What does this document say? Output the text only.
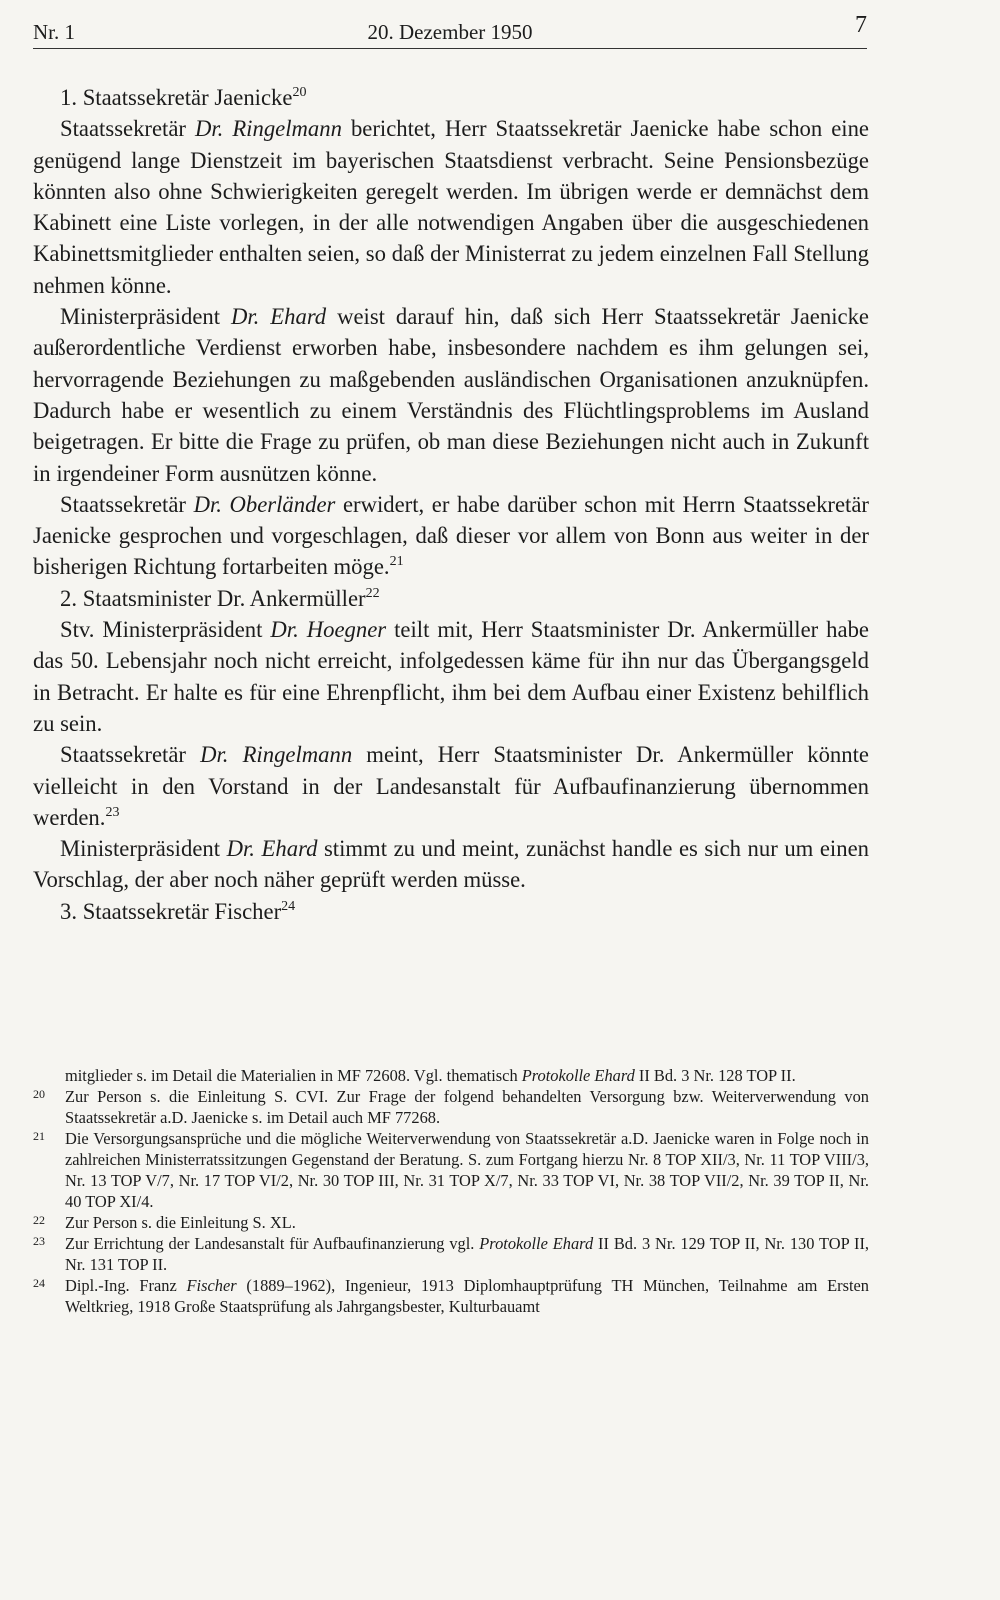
Nr. 1	20. Dezember 1950	7

1. Staatssekretär Jaenicke$^{20}$

Staatssekretär Dr. Ringelmann berichtet, Herr Staatssekretär Jaenicke habe schon eine genügend lange Dienstzeit im bayerischen Staatsdienst verbracht. Seine Pensionsbezüge könnten also ohne Schwierigkeiten geregelt werden. Im übrigen werde er demnächst dem Kabinett eine Liste vorlegen, in der alle notwendigen Angaben über die ausgeschiedenen Kabinettsmitglieder enthalten seien, so daß der Ministerrat zu jedem einzelnen Fall Stellung nehmen könne.

Ministerpräsident Dr. Ehard weist darauf hin, daß sich Herr Staatssekretär Jaenicke außerordentliche Verdienst erworben habe, insbesondere nachdem es ihm gelungen sei, hervorragende Beziehungen zu maßgebenden ausländischen Organisationen anzuknüpfen. Dadurch habe er wesentlich zu einem Verständnis des Flüchtlingsproblems im Ausland beigetragen. Er bitte die Frage zu prüfen, ob man diese Beziehungen nicht auch in Zukunft in irgendeiner Form ausnützen könne.

Staatssekretär Dr. Oberländer erwidert, er habe darüber schon mit Herrn Staatssekretär Jaenicke gesprochen und vorgeschlagen, daß dieser vor allem von Bonn aus weiter in der bisherigen Richtung fortarbeiten möge.$^{21}$

2. Staatsminister Dr. Ankermüller$^{22}$

Stv. Ministerpräsident Dr. Hoegner teilt mit, Herr Staatsminister Dr. Ankermüller habe das 50. Lebensjahr noch nicht erreicht, infolgedessen käme für ihn nur das Übergangsgeld in Betracht. Er halte es für eine Ehrenpflicht, ihm bei dem Aufbau einer Existenz behilflich zu sein.

Staatssekretär Dr. Ringelmann meint, Herr Staatsminister Dr. Ankermüller könnte vielleicht in den Vorstand in der Landesanstalt für Aufbaufinanzierung übernommen werden.$^{23}$

Ministerpräsident Dr. Ehard stimmt zu und meint, zunächst handle es sich nur um einen Vorschlag, der aber noch näher geprüft werden müsse.

3. Staatssekretär Fischer$^{24}$

mitglieder s. im Detail die Materialien in MF 72608. Vgl. thematisch Protokolle Ehard II Bd. 3 Nr. 128 TOP II.

20 Zur Person s. die Einleitung S. CVI. Zur Frage der folgend behandelten Versorgung bzw. Weiterverwendung von Staatssekretär a.D. Jaenicke s. im Detail auch MF 77268.

21 Die Versorgungsansprüche und die mögliche Weiterverwendung von Staatssekretär a.D. Jaenicke waren in Folge noch in zahlreichen Ministerratssitzungen Gegenstand der Beratung. S. zum Fortgang hierzu Nr. 8 TOP XII/3, Nr. 11 TOP VIII/3, Nr. 13 TOP V/7, Nr. 17 TOP VI/2, Nr. 30 TOP III, Nr. 31 TOP X/7, Nr. 33 TOP VI, Nr. 38 TOP VII/2, Nr. 39 TOP II, Nr. 40 TOP XI/4.

22 Zur Person s. die Einleitung S. XL.

23 Zur Errichtung der Landesanstalt für Aufbaufinanzierung vgl. Protokolle Ehard II Bd. 3 Nr. 129 TOP II, Nr. 130 TOP II, Nr. 131 TOP II.

24 Dipl.-Ing. Franz Fischer (1889–1962), Ingenieur, 1913 Diplomhauptprüfung TH München, Teilnahme am Ersten Weltkrieg, 1918 Große Staatsprüfung als Jahrgangsbester, Kulturbauamt
